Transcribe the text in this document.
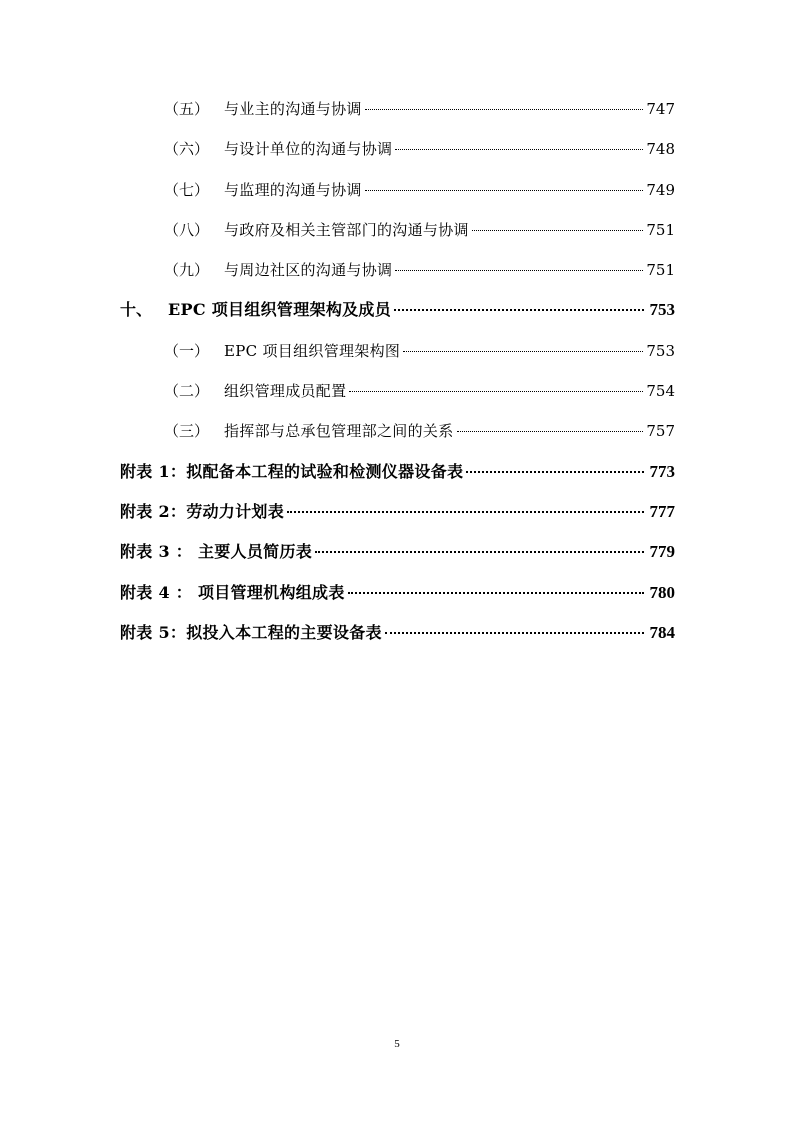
（五） 与业主的沟通与协调	747
（六） 与设计单位的沟通与协调	748
（七） 与监理的沟通与协调	749
（八） 与政府及相关主管部门的沟通与协调	751
（九） 与周边社区的沟通与协调	751
十、 EPC 项目组织管理架构及成员	753
（一） EPC 项目组织管理架构图	753
（二） 组织管理成员配置	754
（三） 指挥部与总承包管理部之间的关系	757
附表 1：拟配备本工程的试验和检测仪器设备表	773
附表 2：劳动力计划表	777
附表 3 ： 主要人员简历表	779
附表 4 ： 项目管理机构组成表	780
附表 5：拟投入本工程的主要设备表	784
5
